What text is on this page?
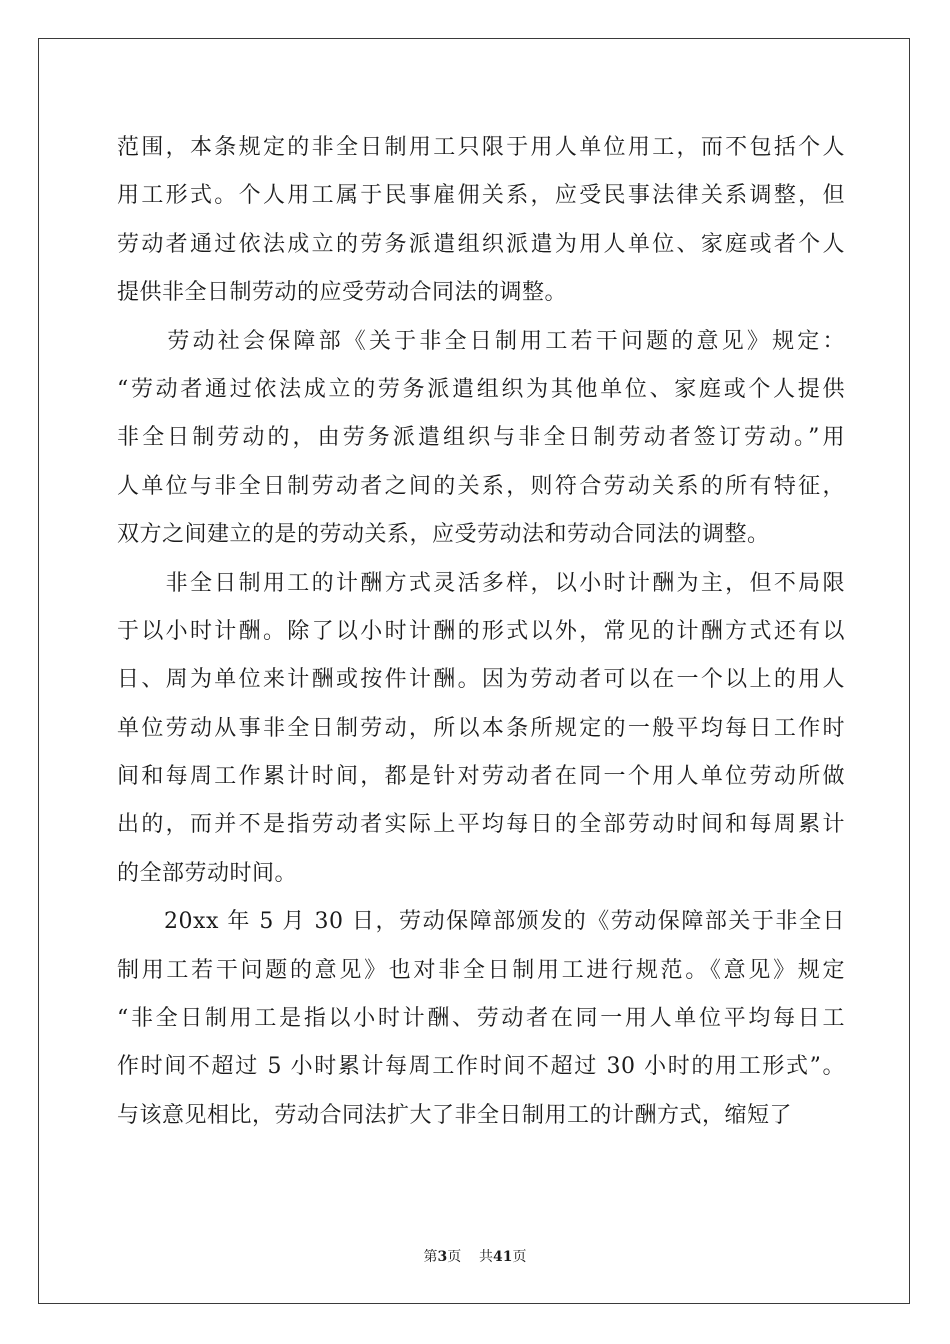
范围，本条规定的非全日制用工只限于用人单位用工，而不包括个人
用工形式。个人用工属于民事雇佣关系，应受民事法律关系调整，但
劳动者通过依法成立的劳务派遣组织派遣为用人单位、家庭或者个人
提供非全日制劳动的应受劳动合同法的调整。
　　劳动社会保障部《关于非全日制用工若干问题的意见》规定：
“劳动者通过依法成立的劳务派遣组织为其他单位、家庭或个人提供
非全日制劳动的，由劳务派遣组织与非全日制劳动者签订劳动。”用
人单位与非全日制劳动者之间的关系，则符合劳动关系的所有特征，
双方之间建立的是的劳动关系，应受劳动法和劳动合同法的调整。
　　非全日制用工的计酬方式灵活多样，以小时计酬为主，但不局限
于以小时计酬。除了以小时计酬的形式以外，常见的计酬方式还有以
日、周为单位来计酬或按件计酬。因为劳动者可以在一个以上的用人
单位劳动从事非全日制劳动，所以本条所规定的一般平均每日工作时
间和每周工作累计时间，都是针对劳动者在同一个用人单位劳动所做
出的，而并不是指劳动者实际上平均每日的全部劳动时间和每周累计
的全部劳动时间。
　　20xx 年 5 月 30 日，劳动保障部颁发的《劳动保障部关于非全日
制用工若干问题的意见》也对非全日制用工进行规范。《意见》规定
“非全日制用工是指以小时计酬、劳动者在同一用人单位平均每日工
作时间不超过 5 小时累计每周工作时间不超过 30 小时的用工形式”。
与该意见相比，劳动合同法扩大了非全日制用工的计酬方式，缩短了
第3页 共41页
